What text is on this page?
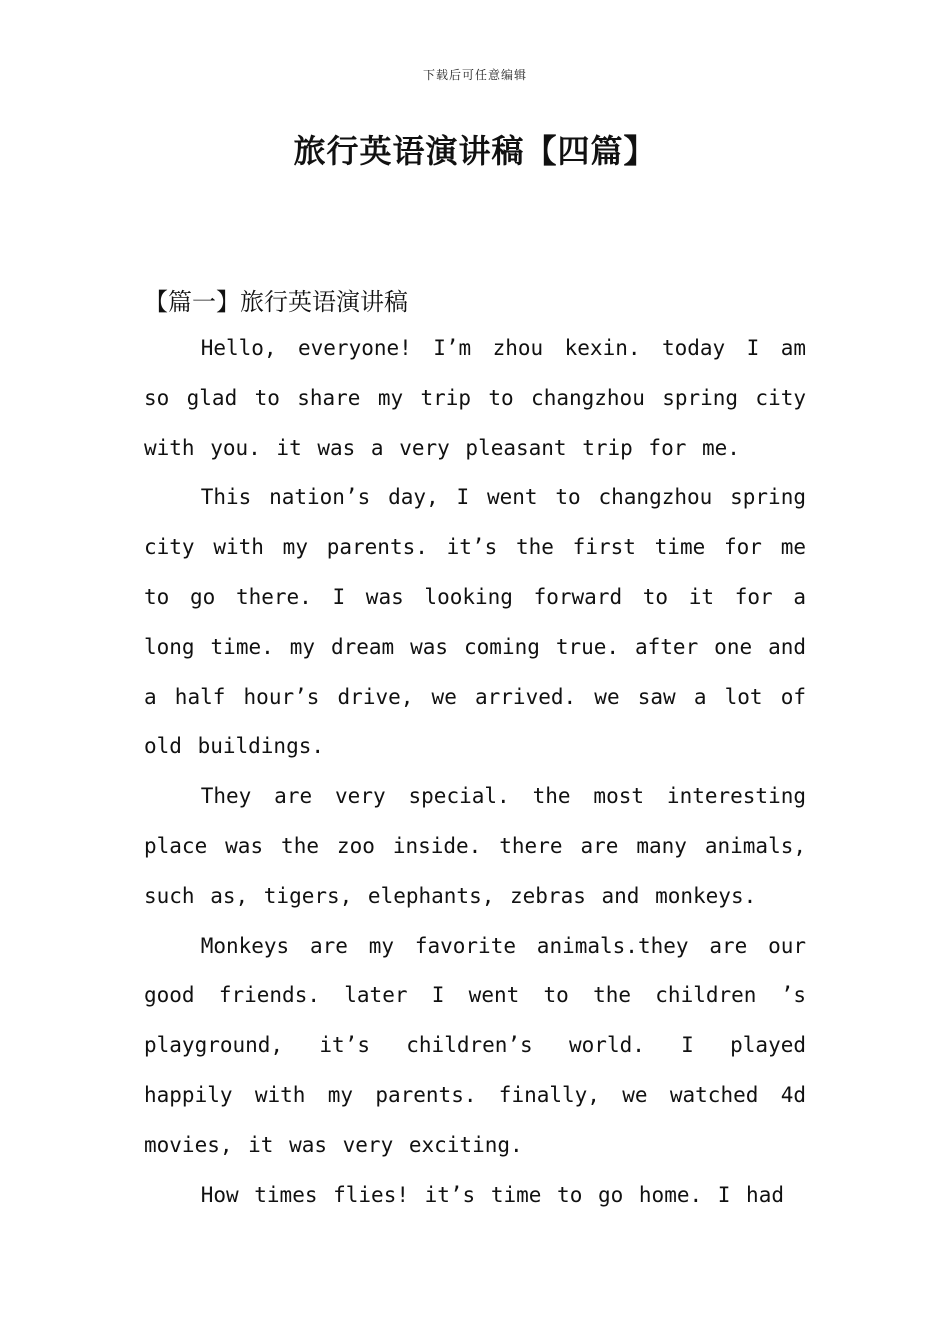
下载后可任意编辑
旅行英语演讲稿【四篇】
【篇一】旅行英语演讲稿

Hello, everyone! I’m zhou kexin. today I am so glad to share my trip to changzhou spring city with you. it was a very pleasant trip for me.

This nation’s day, I went to changzhou spring city with my parents. it’s the first time for me to go there. I was looking forward to it for a long time. my dream was coming true. after one and a half hour’s drive, we arrived. we saw a lot of old buildings.

They are very special. the most interesting place was the zoo inside. there are many animals, such as, tigers, elephants, zebras and monkeys.

Monkeys are my favorite animals.they are our good friends. later I went to the children ’s playground, it’s children’s world. I played happily with my parents. finally, we watched 4d movies, it was very exciting.

How times flies! it’s time to go home. I had
